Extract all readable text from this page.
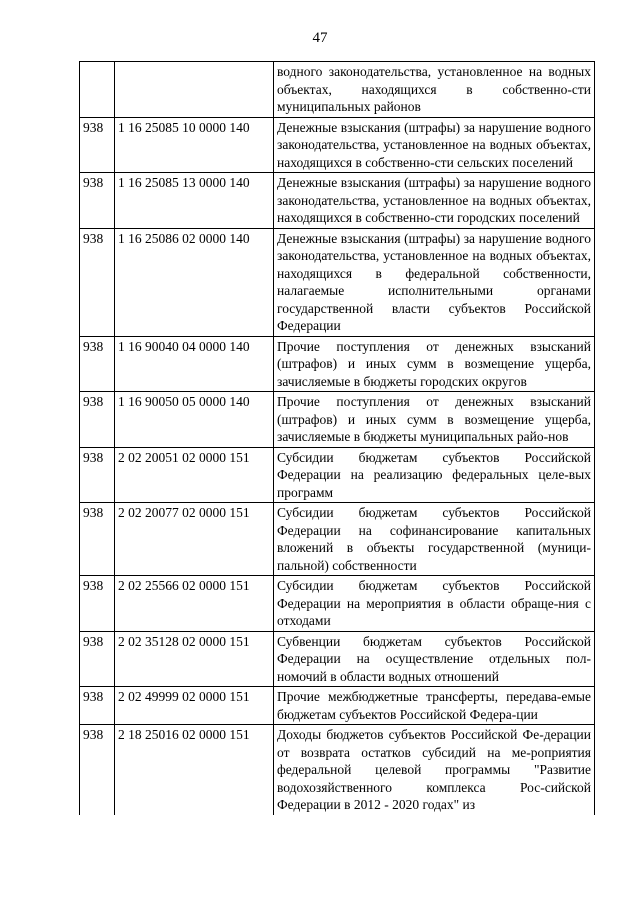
47
		водного законодательства, установленное на водных объектах, находящихся в собственно-сти муниципальных районов
938	1 16 25085 10 0000 140	Денежные взыскания (штрафы) за нарушение водного законодательства, установленное на водных объектах, находящихся в собственно-сти сельских поселений
938	1 16 25085 13 0000 140	Денежные взыскания (штрафы) за нарушение водного законодательства, установленное на водных объектах, находящихся в собственно-сти городских поселений
938	1 16 25086 02 0000 140	Денежные взыскания (штрафы) за нарушение водного законодательства, установленное на водных объектах, находящихся в федеральной собственности, налагаемые исполнительными органами государственной власти субъектов Российской Федерации
938	1 16 90040 04 0000 140	Прочие поступления от денежных взысканий (штрафов) и иных сумм в возмещение ущерба, зачисляемые в бюджеты городских округов
938	1 16 90050 05 0000 140	Прочие поступления от денежных взысканий (штрафов) и иных сумм в возмещение ущерба, зачисляемые в бюджеты муниципальных райо-нов
938	2 02 20051 02 0000 151	Субсидии бюджетам субъектов Российской Федерации на реализацию федеральных целе-вых программ
938	2 02 20077 02 0000 151	Субсидии бюджетам субъектов Российской Федерации на софинансирование капитальных вложений в объекты государственной (муници-пальной) собственности
938	2 02 25566 02 0000 151	Субсидии бюджетам субъектов Российской Федерации на мероприятия в области обраще-ния с отходами
938	2 02 35128 02 0000 151	Субвенции бюджетам субъектов Российской Федерации на осуществление отдельных пол-номочий в области водных отношений
938	2 02 49999 02 0000 151	Прочие межбюджетные трансферты, передава-емые бюджетам субъектов Российской Федера-ции
938	2 18 25016 02 0000 151	Доходы бюджетов субъектов Российской Фе-дерации от возврата остатков субсидий на ме-роприятия федеральной целевой программы "Развитие водохозяйственного комплекса Рос-сийской Федерации в 2012 - 2020 годах" из
